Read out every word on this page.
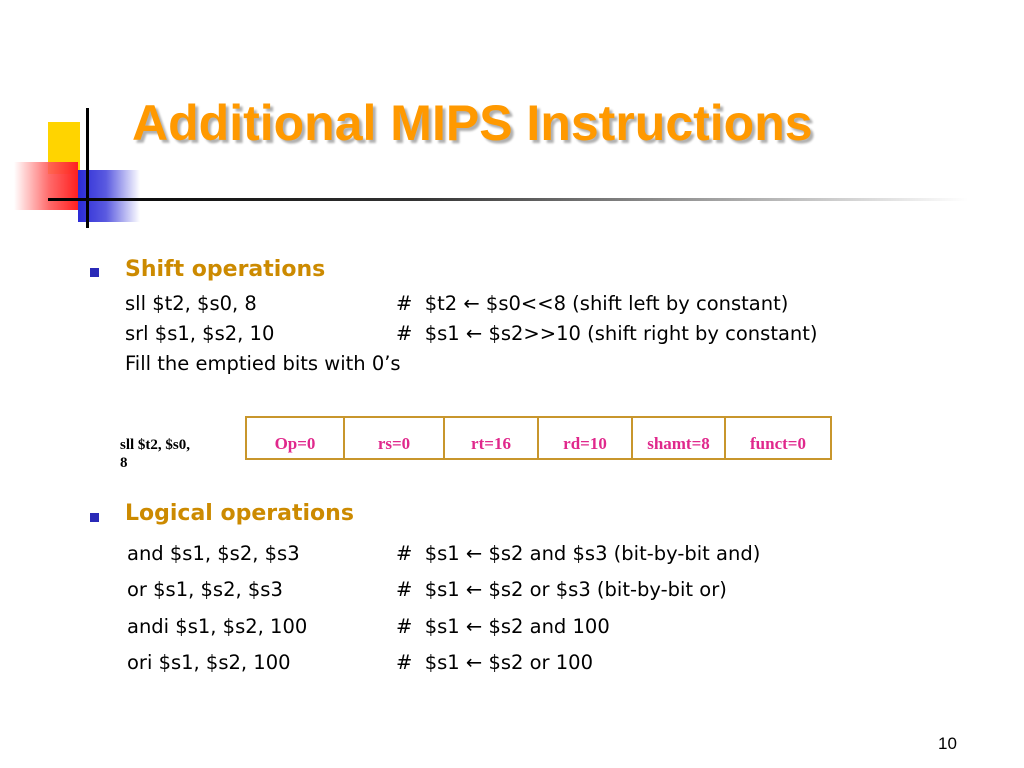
Additional MIPS Instructions
Shift operations
sll $t2, $s0, 8	#  $t2 ← $s0<<8 (shift left by constant)
srl $s1, $s2, 10	#  $s1 ← $s2>>10 (shift right by constant)
Fill the emptied bits with 0’s
sll $t2, $s0,
8
Op=0	rs=0	rt=16	rd=10	shamt=8	funct=0
Logical operations
and $s1, $s2, $s3	#  $s1 ← $s2 and $s3 (bit-by-bit and)
or $s1, $s2, $s3	#  $s1 ← $s2 or $s3 (bit-by-bit or)
andi $s1, $s2, 100	#  $s1 ← $s2 and 100
ori $s1, $s2, 100	#  $s1 ← $s2 or 100
10
